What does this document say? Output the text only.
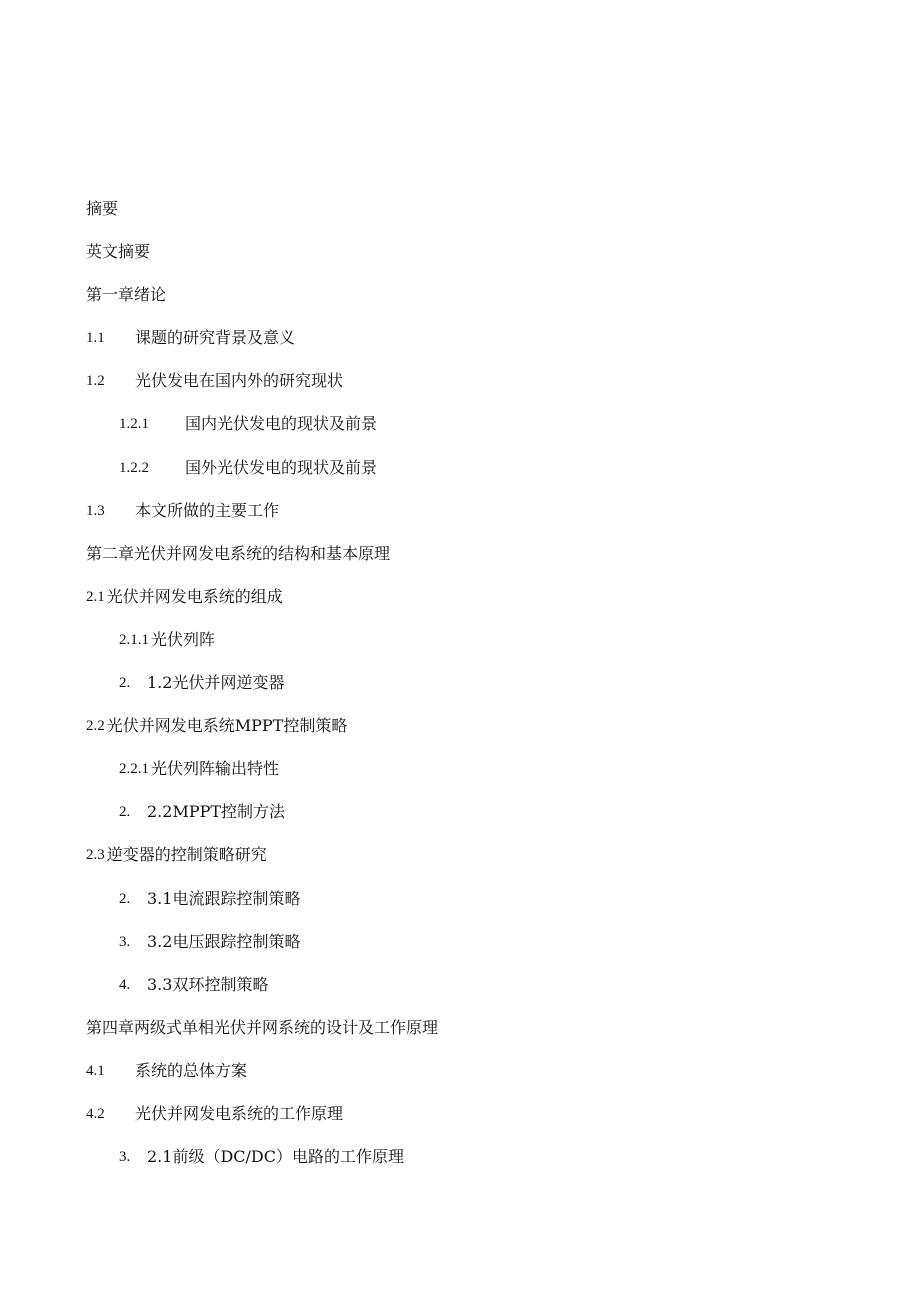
摘要
英文摘要
第一章绪论
1.1	课题的研究背景及意义
1.2	光伏发电在国内外的研究现状
1.2.1	国内光伏发电的现状及前景
1.2.2	国外光伏发电的现状及前景
1.3	本文所做的主要工作
第二章光伏并网发电系统的结构和基本原理
2.1 光伏并网发电系统的组成
2.1.1 光伏列阵
2.	1.2光伏并网逆变器
2.2 光伏并网发电系统MPPT控制策略
2.2.1 光伏列阵输出特性
2.	2.2MPPT控制方法
2.3 逆变器的控制策略研究
2.	3.1电流跟踪控制策略
3.	3.2电压跟踪控制策略
4.	3.3双环控制策略
第四章两级式单相光伏并网系统的设计及工作原理
4.1	系统的总体方案
4.2	光伏并网发电系统的工作原理
3.	2.1前级（DC/DC）电路的工作原理
